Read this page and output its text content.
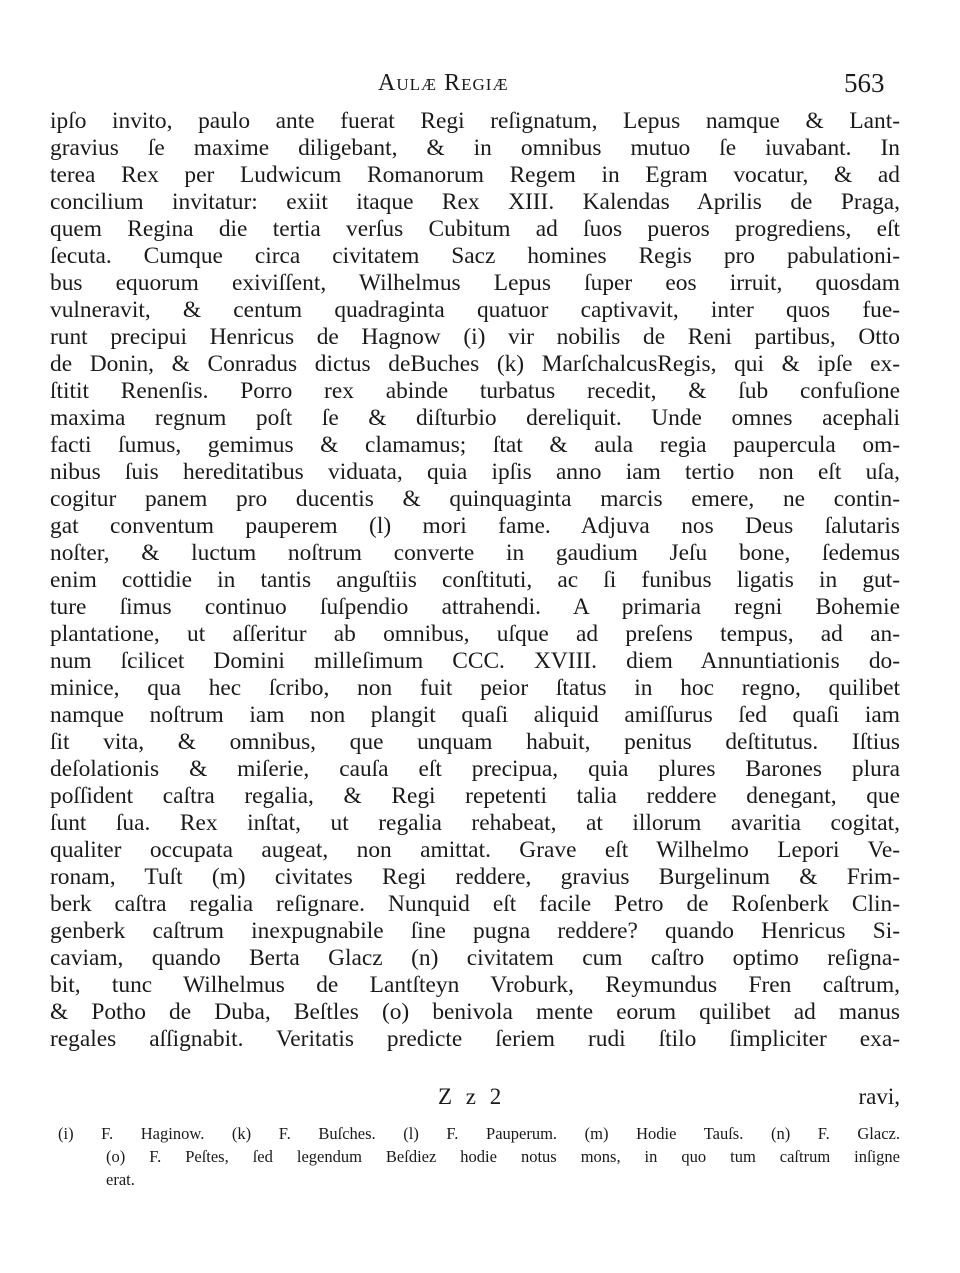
Aulæ Regiæ	563
ipſo invito, paulo ante fuerat Regi reſignatum, Lepus namque & Lant-
gravius ſe maxime diligebant, & in omnibus mutuo ſe iuvabant. In
terea Rex per Ludwicum Romanorum Regem in Egram vocatur, & ad
concilium invitatur: exiit itaque Rex XIII. Kalendas Aprilis de Praga,
quem Regina die tertia verſus Cubitum ad ſuos pueros progrediens, eſt
ſecuta. Cumque circa civitatem Sacz homines Regis pro pabulationi-
bus equorum exiviſſent, Wilhelmus Lepus ſuper eos irruit, quosdam
vulneravit, & centum quadraginta quatuor captivavit, inter quos fue-
runt precipui Henricus de Hagnow (i) vir nobilis de Reni partibus, Otto
de Donin, & Conradus dictus deBuches (k) MarſchalcusRegis, qui & ipſe ex-
ſtitit Renenſis. Porro rex abinde turbatus recedit, & ſub confuſione
maxima regnum poſt ſe & diſturbio dereliquit. Unde omnes acephali
facti ſumus, gemimus & clamamus; ſtat & aula regia paupercula om-
nibus ſuis hereditatibus viduata, quia ipſis anno iam tertio non eſt uſa,
cogitur panem pro ducentis & quinquaginta marcis emere, ne contin-
gat conventum pauperem (l) mori fame. Adjuva nos Deus ſalutaris
noſter, & luctum noſtrum converte in gaudium Jeſu bone, ſedemus
enim cottidie in tantis anguſtiis conſtituti, ac ſi funibus ligatis in gut-
ture ſimus continuo ſuſpendio attrahendi. A primaria regni Bohemie
plantatione, ut aſſeritur ab omnibus, uſque ad preſens tempus, ad an-
num ſcilicet Domini milleſimum CCC. XVIII. diem Annuntiationis do-
minice, qua hec ſcribo, non fuit peior ſtatus in hoc regno, quilibet
namque noſtrum iam non plangit quaſi aliquid amiſſurus ſed quaſi iam
ſit vita, & omnibus, que unquam habuit, penitus deſtitutus. Iſtius
deſolationis & miſerie, cauſa eſt precipua, quia plures Barones plura
poſſident caſtra regalia, & Regi repetenti talia reddere denegant, que
ſunt ſua. Rex inſtat, ut regalia rehabeat, at illorum avaritia cogitat,
qualiter occupata augeat, non amittat. Grave eſt Wilhelmo Lepori Ve-
ronam, Tuſt (m) civitates Regi reddere, gravius Burgelinum & Frim-
berk caſtra regalia reſignare. Nunquid eſt facile Petro de Roſenberk Clin-
genberk caſtrum inexpugnabile ſine pugna reddere? quando Henricus Si-
caviam, quando Berta Glacz (n) civitatem cum caſtro optimo reſigna-
bit, tunc Wilhelmus de Lantſteyn Vroburk, Reymundus Fren caſtrum,
& Potho de Duba, Beſtles (o) benivola mente eorum quilibet ad manus
regales aſſignabit. Veritatis predicte ſeriem rudi ſtilo ſimpliciter exa-
Z z 2	ravi,
(i) F. Haginow. (k) F. Buſches. (l) F. Pauperum. (m) Hodie Tauſs. (n) F. Glacz.
(o) F. Peſtes, ſed legendum Beſdiez hodie notus mons, in quo tum caſtrum inſigne
erat.
